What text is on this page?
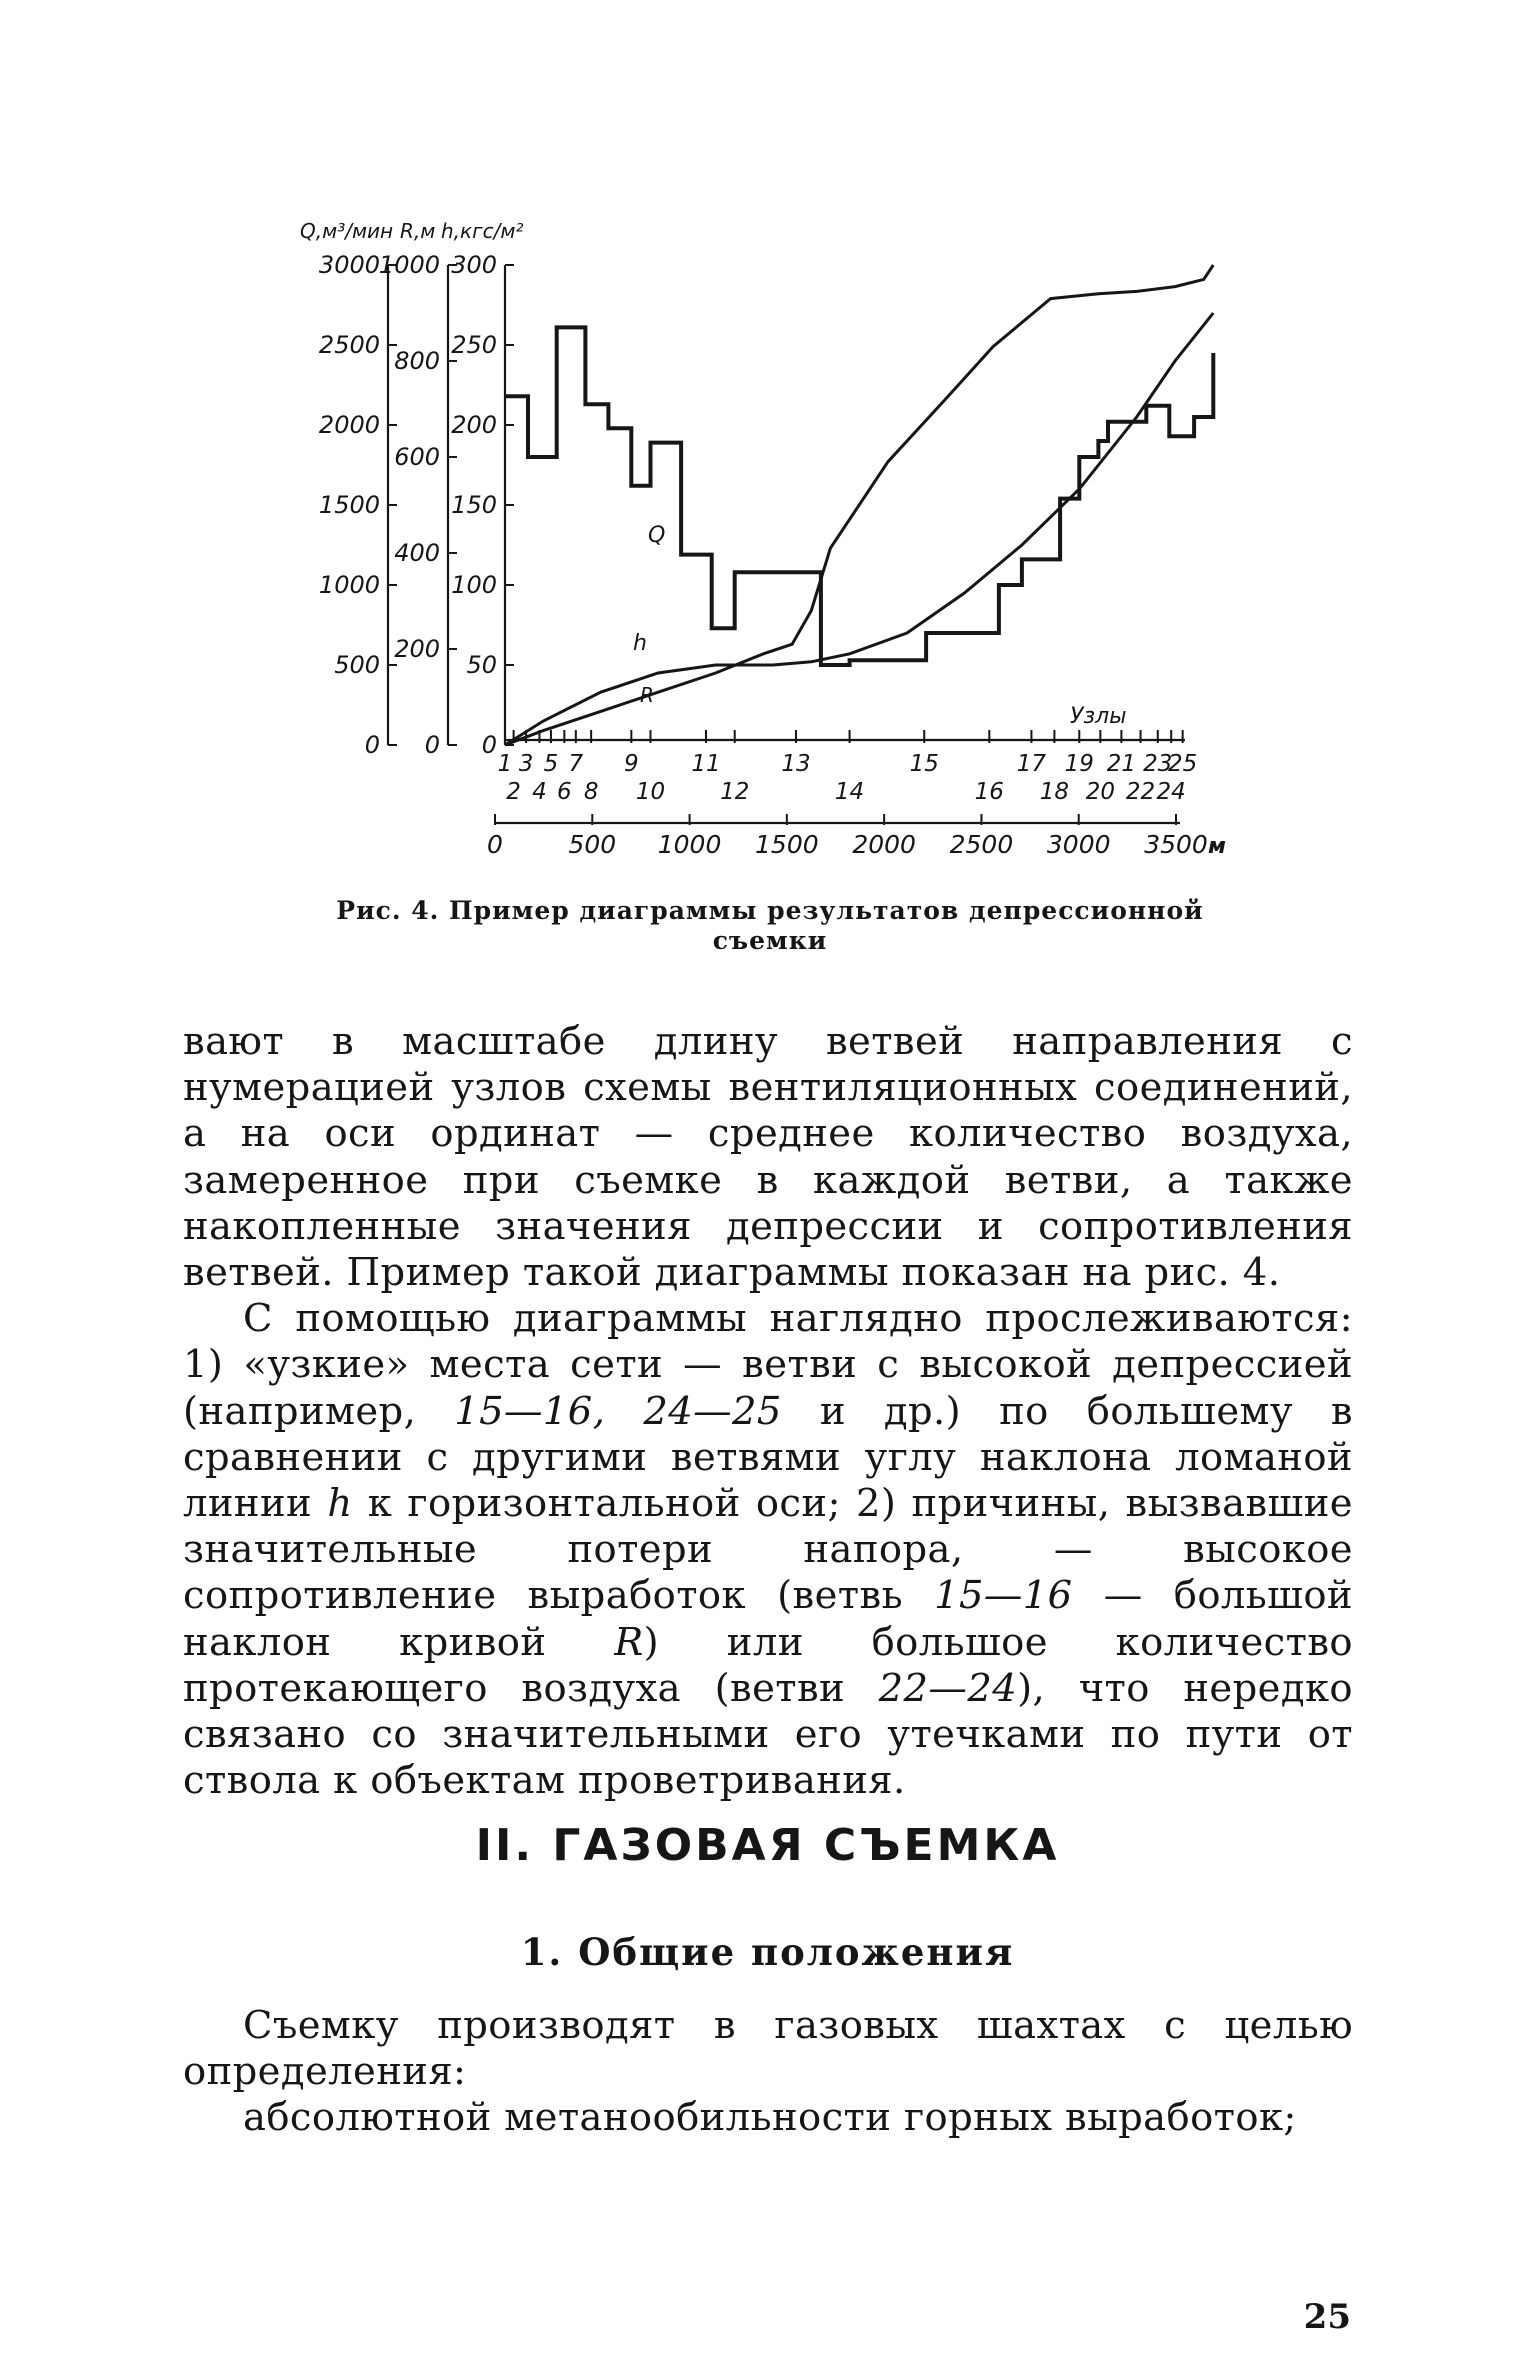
0
500
1000
1500
2000
2500
3000
0
200
400
600
800
1000
0
50
100
150
200
250
300
1 3 5 7 9 11	13	15	17 19 21 23
25
2 4 6 8 10 12	14	16 18 20 22 24
0	500 1000 1500 2000 2500 3000 3500
Q,м³/мин R,м h,кгс/м²
Узлы
м
Q
h
R
Рис. 4. Пример диаграммы результатов депрессионной съемки

вают в масштабе длину ветвей направления с нумерацией узлов схемы вентиляционных соединений, а на оси ординат — среднее количество воздуха, замеренное при съемке в каждой ветви, а также накопленные значения депрессии и сопротивления ветвей. Пример такой диаграммы показан на рис. 4.

С помощью диаграммы наглядно прослеживаются: 1) «узкие» места сети — ветви с высокой депрессией (например, 15—16, 24—25 и др.) по большему в сравнении с другими ветвями углу наклона ломаной линии h к горизонтальной оси; 2) причины, вызвавшие значительные потери напора, — высокое сопротивление выработок (ветвь 15—16 — большой наклон кривой R) или большое количество протекающего воздуха (ветви 22—24), что нередко связано со значительными его утечками по пути от ствола к объектам проветривания.

II. ГАЗОВАЯ СЪЕМКА
1. Общие положения

Съемку производят в газовых шахтах с целью определения:

абсолютной метанообильности горных выработок;

25
